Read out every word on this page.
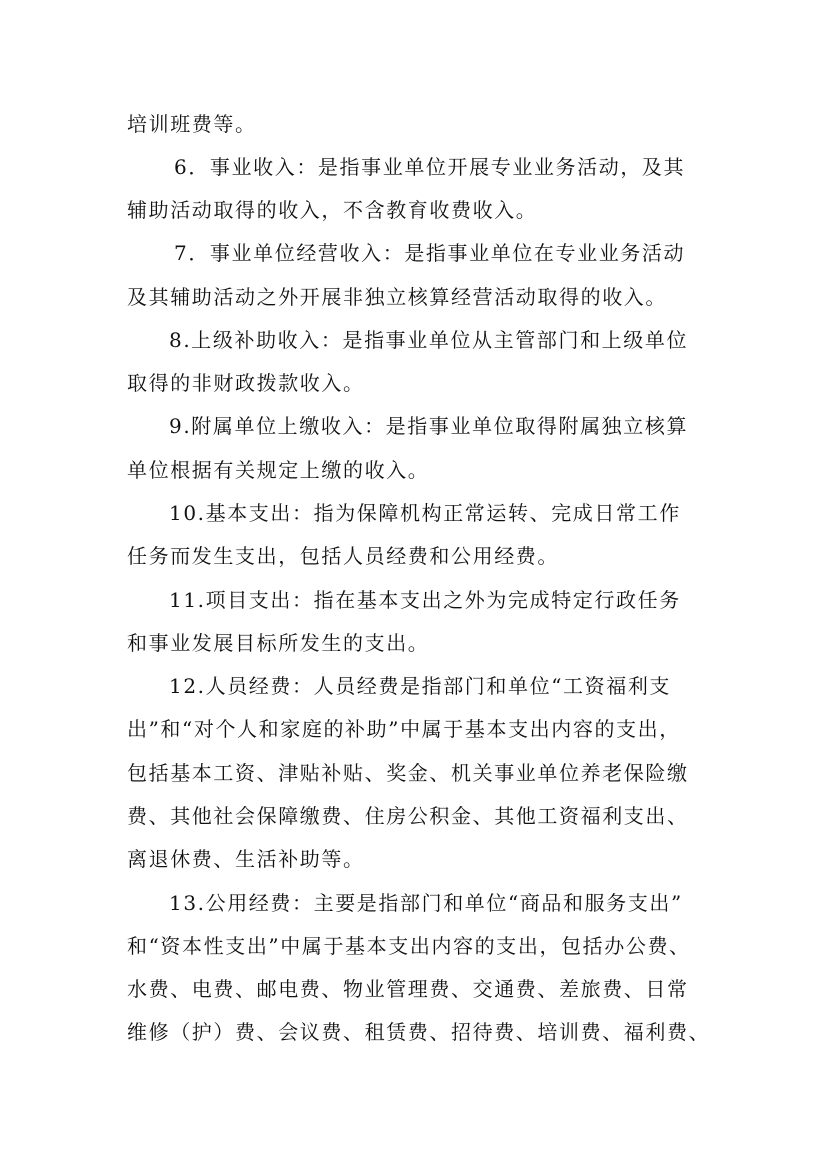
培训班费等。
6．事业收入：是指事业单位开展专业业务活动，及其
辅助活动取得的收入，不含教育收费收入。
7．事业单位经营收入：是指事业单位在专业业务活动
及其辅助活动之外开展非独立核算经营活动取得的收入。
8.上级补助收入：是指事业单位从主管部门和上级单位
取得的非财政拨款收入。
9.附属单位上缴收入：是指事业单位取得附属独立核算
单位根据有关规定上缴的收入。
10.基本支出：指为保障机构正常运转、完成日常工作
任务而发生支出，包括人员经费和公用经费。
11.项目支出：指在基本支出之外为完成特定行政任务
和事业发展目标所发生的支出。
12.人员经费：人员经费是指部门和单位“工资福利支
出”和“对个人和家庭的补助”中属于基本支出内容的支出，
包括基本工资、津贴补贴、奖金、机关事业单位养老保险缴
费、其他社会保障缴费、住房公积金、其他工资福利支出、
离退休费、生活补助等。
13.公用经费：主要是指部门和单位“商品和服务支出”
和“资本性支出”中属于基本支出内容的支出，包括办公费、
水费、电费、邮电费、物业管理费、交通费、差旅费、日常
维修（护）费、会议费、租赁费、招待费、培训费、福利费、
